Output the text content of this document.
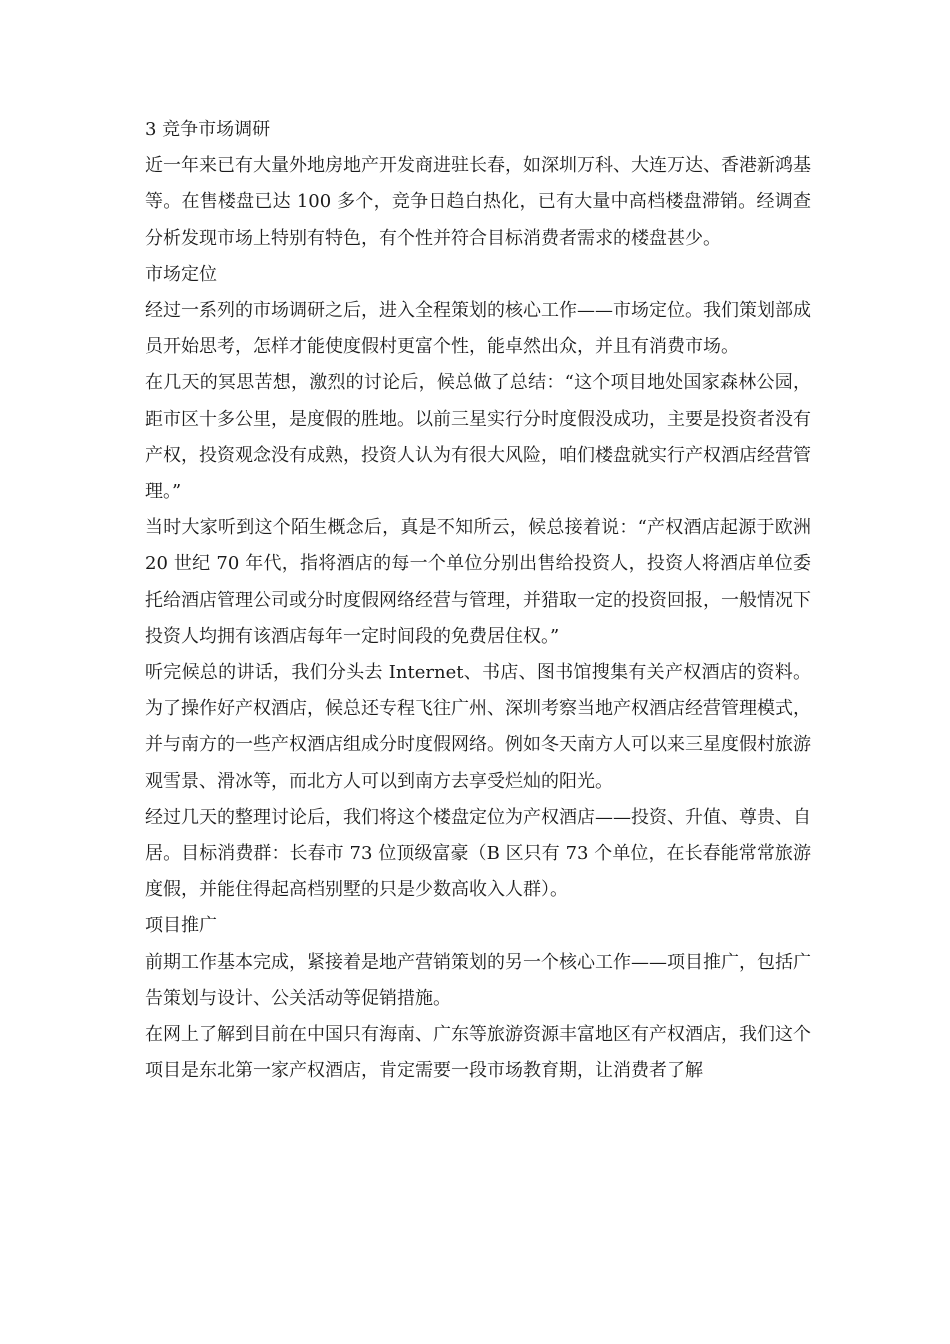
3 竞争市场调研

近一年来已有大量外地房地产开发商进驻长春，如深圳万科、大连万达、香港新鸿基等。在售楼盘已达 100 多个，竞争日趋白热化，已有大量中高档楼盘滞销。经调查分析发现市场上特别有特色，有个性并符合目标消费者需求的楼盘甚少。

市场定位

经过一系列的市场调研之后，进入全程策划的核心工作——市场定位。我们策划部成员开始思考，怎样才能使度假村更富个性，能卓然出众，并且有消费市场。

在几天的冥思苦想，激烈的讨论后，候总做了总结：“这个项目地处国家森林公园，距市区十多公里，是度假的胜地。以前三星实行分时度假没成功，主要是投资者没有产权，投资观念没有成熟，投资人认为有很大风险，咱们楼盘就实行产权酒店经营管理。”

当时大家听到这个陌生概念后，真是不知所云，候总接着说：“产权酒店起源于欧洲 20 世纪 70 年代，指将酒店的每一个单位分别出售给投资人，投资人将酒店单位委托给酒店管理公司或分时度假网络经营与管理，并猎取一定的投资回报，一般情况下投资人均拥有该酒店每年一定时间段的免费居住权。”

听完候总的讲话，我们分头去 Internet、书店、图书馆搜集有关产权酒店的资料。为了操作好产权酒店，候总还专程飞往广州、深圳考察当地产权酒店经营管理模式，并与南方的一些产权酒店组成分时度假网络。例如冬天南方人可以来三星度假村旅游观雪景、滑冰等，而北方人可以到南方去享受烂灿的阳光。

经过几天的整理讨论后，我们将这个楼盘定位为产权酒店——投资、升值、尊贵、自居。目标消费群：长春市 73 位顶级富豪（B 区只有 73 个单位，在长春能常常旅游度假，并能住得起高档别墅的只是少数高收入人群）。

项目推广

前期工作基本完成，紧接着是地产营销策划的另一个核心工作——项目推广，包括广告策划与设计、公关活动等促销措施。

在网上了解到目前在中国只有海南、广东等旅游资源丰富地区有产权酒店，我们这个项目是东北第一家产权酒店，肯定需要一段市场教育期，让消费者了解
